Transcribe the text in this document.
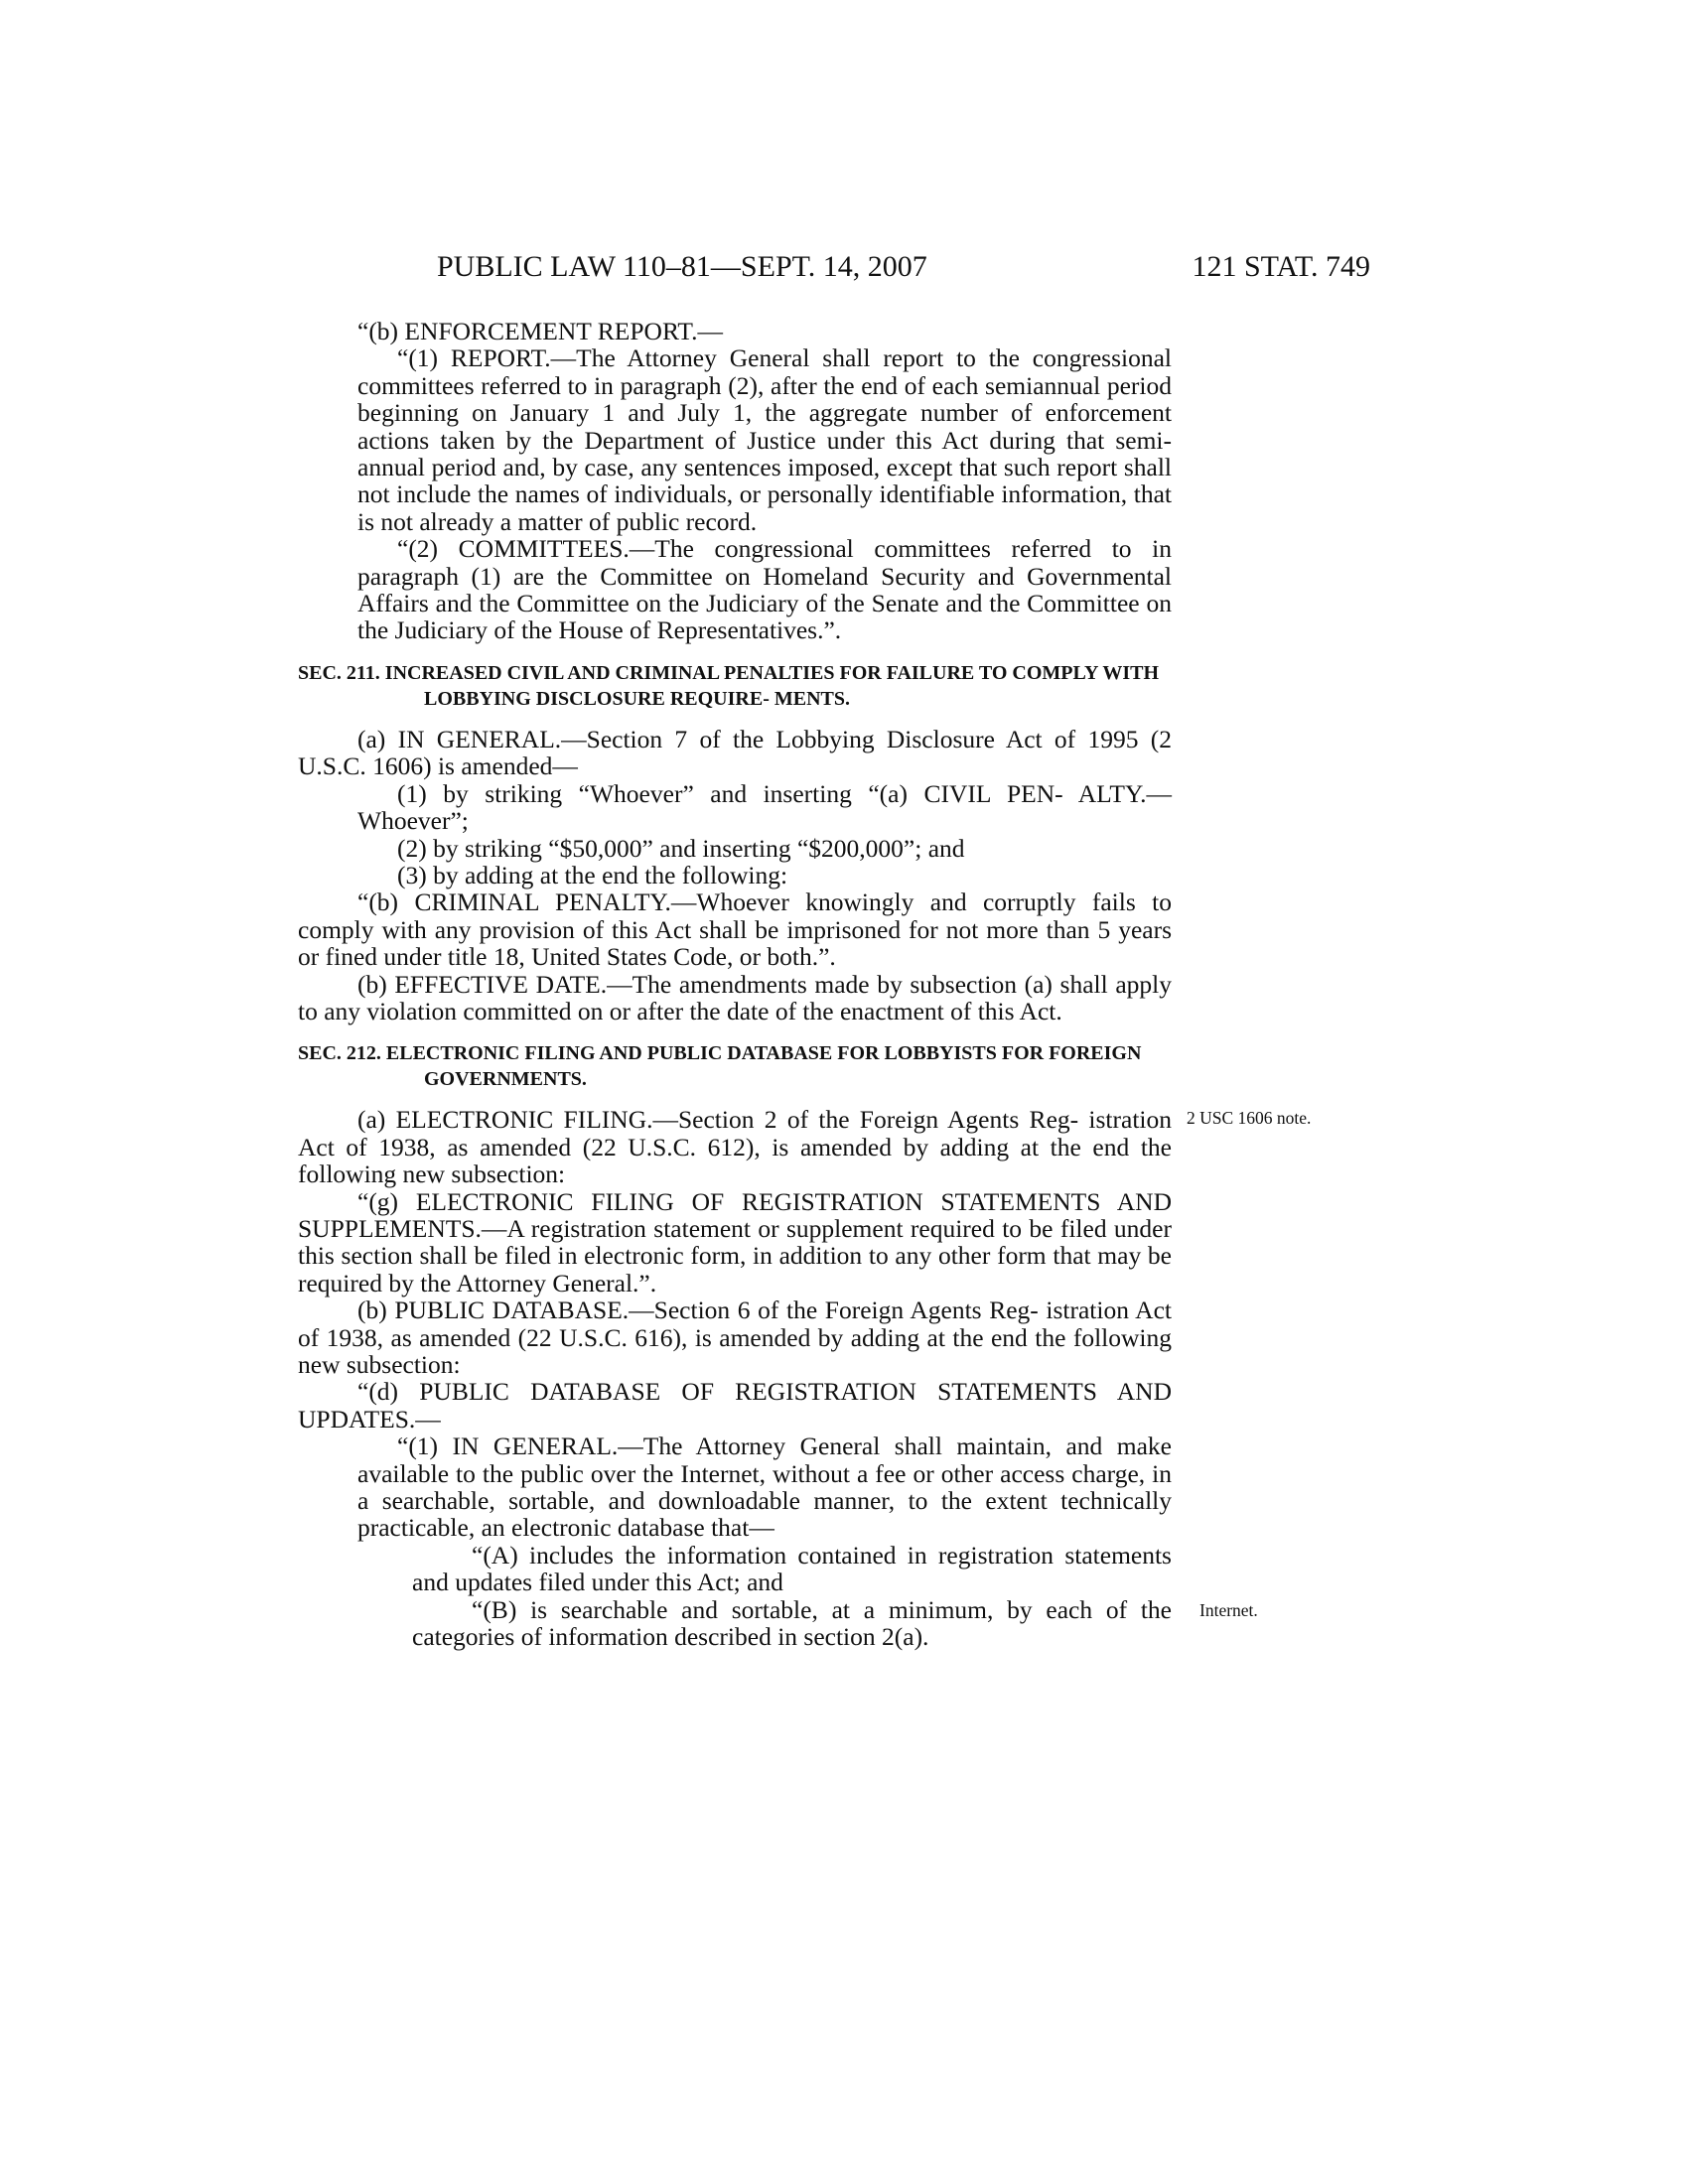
PUBLIC LAW 110–81—SEPT. 14, 2007	121 STAT. 749

“(b) ENFORCEMENT REPORT.—

“(1) REPORT.—The Attorney General shall report to the congressional committees referred to in paragraph (2), after the end of each semiannual period beginning on January 1 and July 1, the aggregate number of enforcement actions taken by the Department of Justice under this Act during that semi- annual period and, by case, any sentences imposed, except that such report shall not include the names of individuals, or personally identifiable information, that is not already a matter of public record.

“(2) COMMITTEES.—The congressional committees referred to in paragraph (1) are the Committee on Homeland Security and Governmental Affairs and the Committee on the Judiciary of the Senate and the Committee on the Judiciary of the House of Representatives.”.

SEC. 211. INCREASED CIVIL AND CRIMINAL PENALTIES FOR FAILURE TO COMPLY WITH LOBBYING DISCLOSURE REQUIRE- MENTS.

(a) IN GENERAL.—Section 7 of the Lobbying Disclosure Act of 1995 (2 U.S.C. 1606) is amended—

(1) by striking “Whoever” and inserting “(a) CIVIL PEN- ALTY.—Whoever”;

(2) by striking “$50,000” and inserting “$200,000”; and

(3) by adding at the end the following:

“(b) CRIMINAL PENALTY.—Whoever knowingly and corruptly fails to comply with any provision of this Act shall be imprisoned for not more than 5 years or fined under title 18, United States Code, or both.”.

(b) EFFECTIVE DATE.—The amendments made by subsection (a) shall apply to any violation committed on or after the date of the enactment of this Act.

SEC. 212. ELECTRONIC FILING AND PUBLIC DATABASE FOR LOBBYISTS FOR FOREIGN GOVERNMENTS.

(a) ELECTRONIC FILING.—Section 2 of the Foreign Agents Reg- istration Act of 1938, as amended (22 U.S.C. 612), is amended by adding at the end the following new subsection:

“(g) ELECTRONIC FILING OF REGISTRATION STATEMENTS AND SUPPLEMENTS.—A registration statement or supplement required to be filed under this section shall be filed in electronic form, in addition to any other form that may be required by the Attorney General.”.

(b) PUBLIC DATABASE.—Section 6 of the Foreign Agents Reg- istration Act of 1938, as amended (22 U.S.C. 616), is amended by adding at the end the following new subsection:

“(d) PUBLIC DATABASE OF REGISTRATION STATEMENTS AND UPDATES.—

“(1) IN GENERAL.—The Attorney General shall maintain, and make available to the public over the Internet, without a fee or other access charge, in a searchable, sortable, and downloadable manner, to the extent technically practicable, an electronic database that—

“(A) includes the information contained in registration statements and updates filed under this Act; and

“(B) is searchable and sortable, at a minimum, by each of the categories of information described in section 2(a).

2 USC 1606 note.
Internet.
